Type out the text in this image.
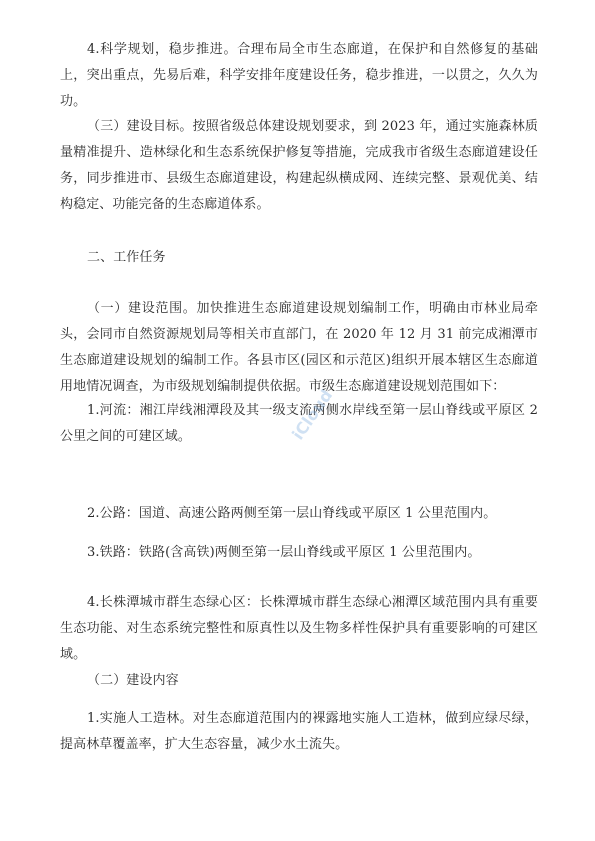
4.科学规划，稳步推进。合理布局全市生态廊道，在保护和自然修复的基础上，突出重点，先易后难，科学安排年度建设任务，稳步推进，一以贯之，久久为功。

（三）建设目标。按照省级总体建设规划要求，到 2023 年，通过实施森林质量精准提升、造林绿化和生态系统保护修复等措施，完成我市省级生态廊道建设任务，同步推进市、县级生态廊道建设，构建起纵横成网、连续完整、景观优美、结构稳定、功能完备的生态廊道体系。

二、工作任务

（一）建设范围。加快推进生态廊道建设规划编制工作，明确由市林业局牵头，会同市自然资源规划局等相关市直部门，在 2020 年 12 月 31 前完成湘潭市生态廊道建设规划的编制工作。各县市区(园区和示范区)组织开展本辖区生态廊道用地情况调查，为市级规划编制提供依据。市级生态廊道建设规划范围如下：

1.河流：湘江岸线湘潭段及其一级支流两侧水岸线至第一层山脊线或平原区 2 公里之间的可建区域。

2.公路：国道、高速公路两侧至第一层山脊线或平原区 1 公里范围内。

3.铁路：铁路(含高铁)两侧至第一层山脊线或平原区 1 公里范围内。

4.长株潭城市群生态绿心区：长株潭城市群生态绿心湘潭区域范围内具有重要生态功能、对生态系统完整性和原真性以及生物多样性保护具有重要影响的可建区域。

（二）建设内容

1.实施人工造林。对生态廊道范围内的裸露地实施人工造林，做到应绿尽绿，提高林草覆盖率，扩大生态容量，减少水土流失。

iCloud
